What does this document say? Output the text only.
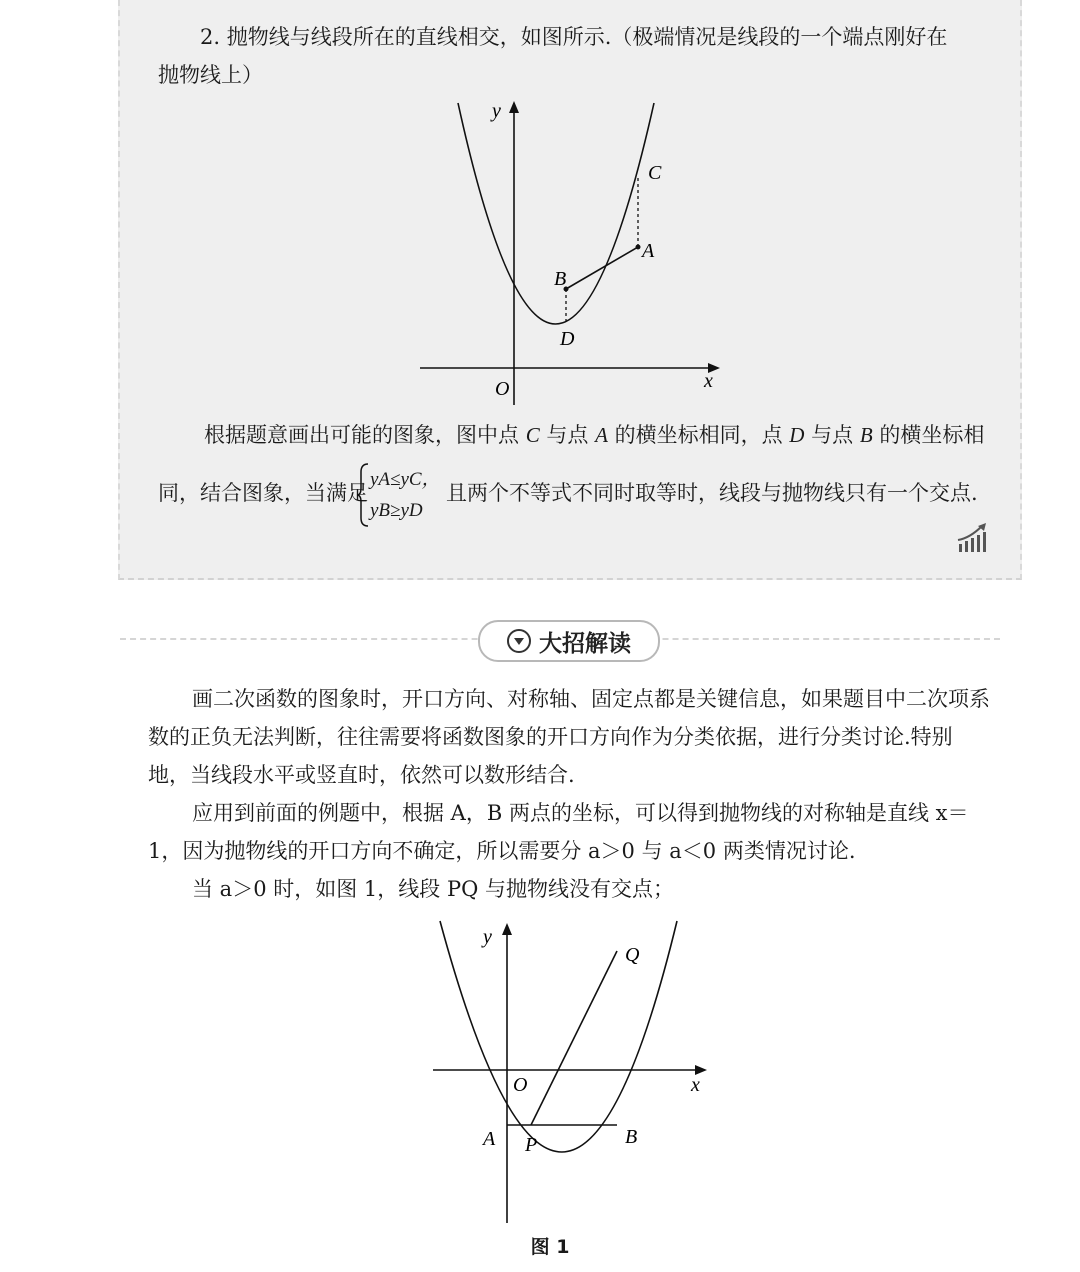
2. 抛物线与线段所在的直线相交，如图所示.（极端情况是线段的一个端点刚好在
抛物线上）
y
x
O
C
A
B
D
根据题意画出可能的图象，图中点 C 与点 A 的横坐标相同，点 D 与点 B 的横坐标相
同，结合图象，当满足
yA≤yC，
yB≥yD
且两个不等式不同时取等时，线段与抛物线只有一个交点.
大招解读
画二次函数的图象时，开口方向、对称轴、固定点都是关键信息，如果题目中二次项系
数的正负无法判断，往往需要将函数图象的开口方向作为分类依据，进行分类讨论.特别
地，当线段水平或竖直时，依然可以数形结合.
应用到前面的例题中，根据 A，B 两点的坐标，可以得到抛物线的对称轴是直线 x＝
1，因为抛物线的开口方向不确定，所以需要分 a＞0 与 a＜0 两类情况讨论.
当 a＞0 时，如图 1，线段 PQ 与抛物线没有交点；
y
x
O
Q
A P	B
图 1
